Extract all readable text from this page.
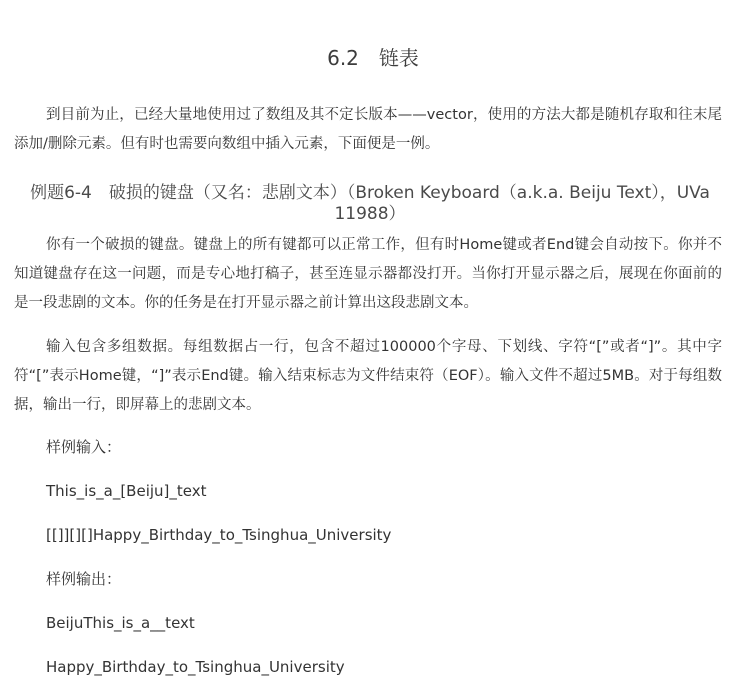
6.2　链表

到目前为止，已经大量地使用过了数组及其不定长版本——vector，使用的方法大都是随机存取和往末尾添加/删除元素。但有时也需要向数组中插入元素，下面便是一例。

例题6-4　破损的键盘（又名：悲剧文本）（Broken Keyboard（a.k.a. Beiju Text），UVa 11988）

你有一个破损的键盘。键盘上的所有键都可以正常工作，但有时Home键或者End键会自动按下。你并不知道键盘存在这一问题，而是专心地打稿子，甚至连显示器都没打开。当你打开显示器之后，展现在你面前的是一段悲剧的文本。你的任务是在打开显示器之前计算出这段悲剧文本。

输入包含多组数据。每组数据占一行，包含不超过100000个字母、下划线、字符“[”或者“]”。其中字符“[”表示Home键，“]”表示End键。输入结束标志为文件结束符（EOF）。输入文件不超过5MB。对于每组数据，输出一行，即屏幕上的悲剧文本。

样例输入：
This_is_a_[Beiju]_text
[[]][][]Happy_Birthday_to_Tsinghua_University
样例输出：
BeijuThis_is_a__text
Happy_Birthday_to_Tsinghua_University
